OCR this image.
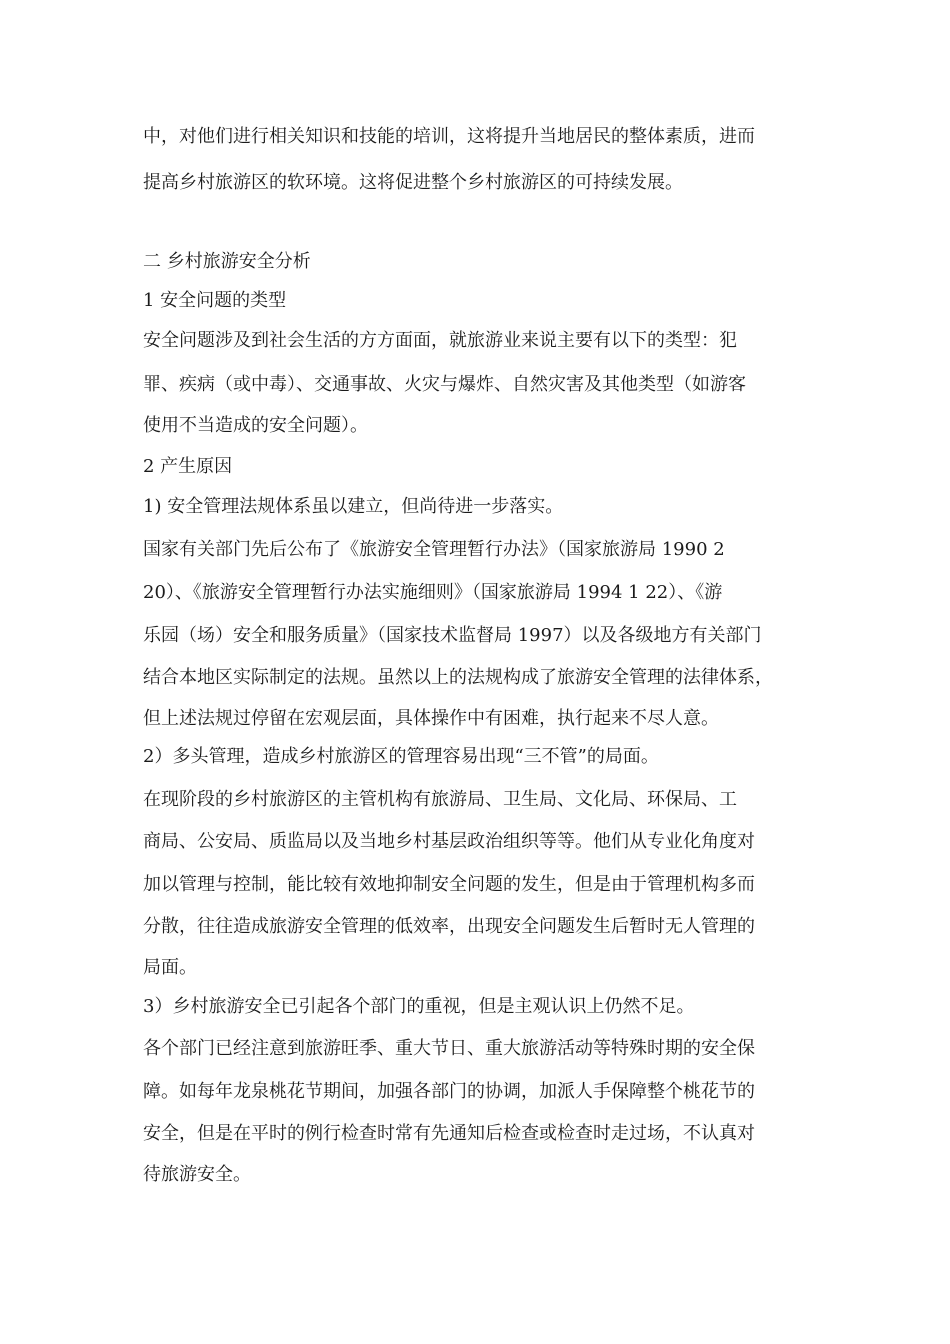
中，对他们进行相关知识和技能的培训，这将提升当地居民的整体素质，进而
提高乡村旅游区的软环境。这将促进整个乡村旅游区的可持续发展。
二 乡村旅游安全分析
1 安全问题的类型
安全问题涉及到社会生活的方方面面，就旅游业来说主要有以下的类型：犯
罪、疾病（或中毒）、交通事故、火灾与爆炸、自然灾害及其他类型（如游客
使用不当造成的安全问题）。
2 产生原因
1) 安全管理法规体系虽以建立，但尚待进一步落实。
国家有关部门先后公布了《旅游安全管理暂行办法》（国家旅游局 1990 2
20）、《旅游安全管理暂行办法实施细则》（国家旅游局 1994 1 22）、《游
乐园（场）安全和服务质量》（国家技术监督局 1997）以及各级地方有关部门
结合本地区实际制定的法规。虽然以上的法规构成了旅游安全管理的法律体系，
但上述法规过停留在宏观层面，具体操作中有困难，执行起来不尽人意。
2）多头管理，造成乡村旅游区的管理容易出现“三不管”的局面。
在现阶段的乡村旅游区的主管机构有旅游局、卫生局、文化局、环保局、工
商局、公安局、质监局以及当地乡村基层政治组织等等。他们从专业化角度对
加以管理与控制，能比较有效地抑制安全问题的发生，但是由于管理机构多而
分散，往往造成旅游安全管理的低效率，出现安全问题发生后暂时无人管理的
局面。
3）乡村旅游安全已引起各个部门的重视，但是主观认识上仍然不足。
各个部门已经注意到旅游旺季、重大节日、重大旅游活动等特殊时期的安全保
障。如每年龙泉桃花节期间，加强各部门的协调，加派人手保障整个桃花节的
安全，但是在平时的例行检查时常有先通知后检查或检查时走过场，不认真对
待旅游安全。
